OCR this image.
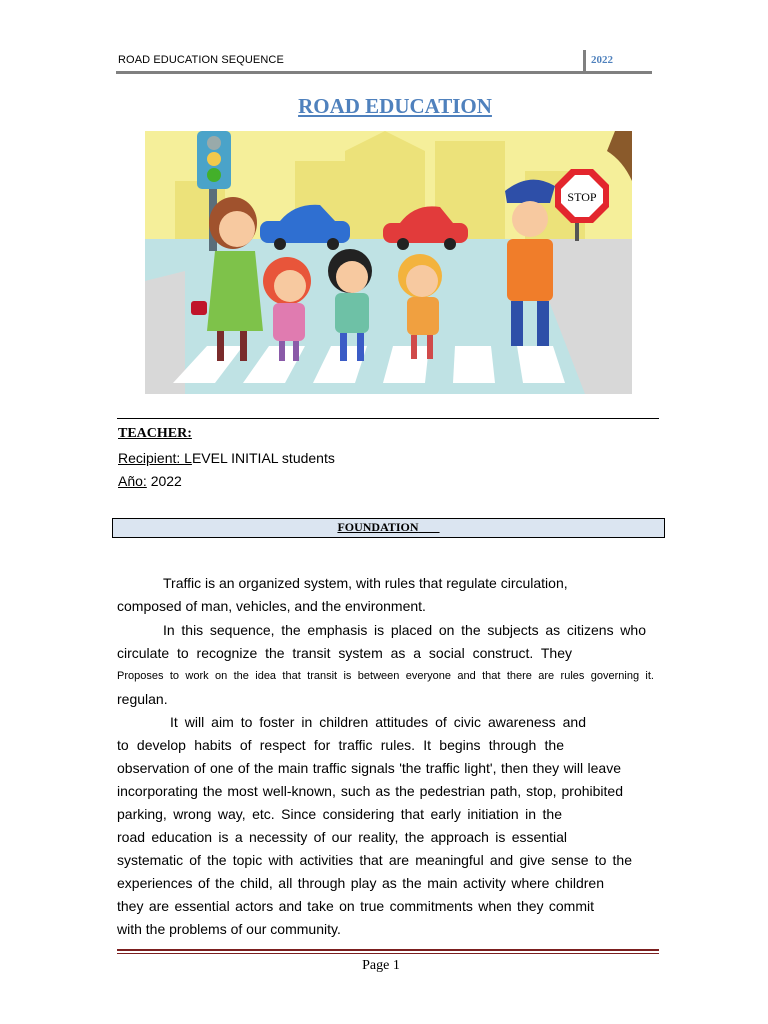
ROAD EDUCATION SEQUENCE	2022
ROAD EDUCATION
STOP
TEACHER:
Recipient: LEVEL INITIAL students
Año: 2022
FOUNDATION
Traffic is an organized system, with rules that regulate circulation,
composed of man, vehicles, and the environment.
In this sequence, the emphasis is placed on the subjects as citizens who
circulate to recognize the transit system as a social construct. They
Proposes to work on the idea that transit is between everyone and that there are rules governing it.
regulan.
It will aim to foster in children attitudes of civic awareness and
to develop habits of respect for traffic rules. It begins through the
observation of one of the main traffic signals 'the traffic light', then they will leave
incorporating the most well-known, such as the pedestrian path, stop, prohibited
parking, wrong way, etc. Since considering that early initiation in the
road education is a necessity of our reality, the approach is essential
systematic of the topic with activities that are meaningful and give sense to the
experiences of the child, all through play as the main activity where children
they are essential actors and take on true commitments when they commit
with the problems of our community.
Page 1
